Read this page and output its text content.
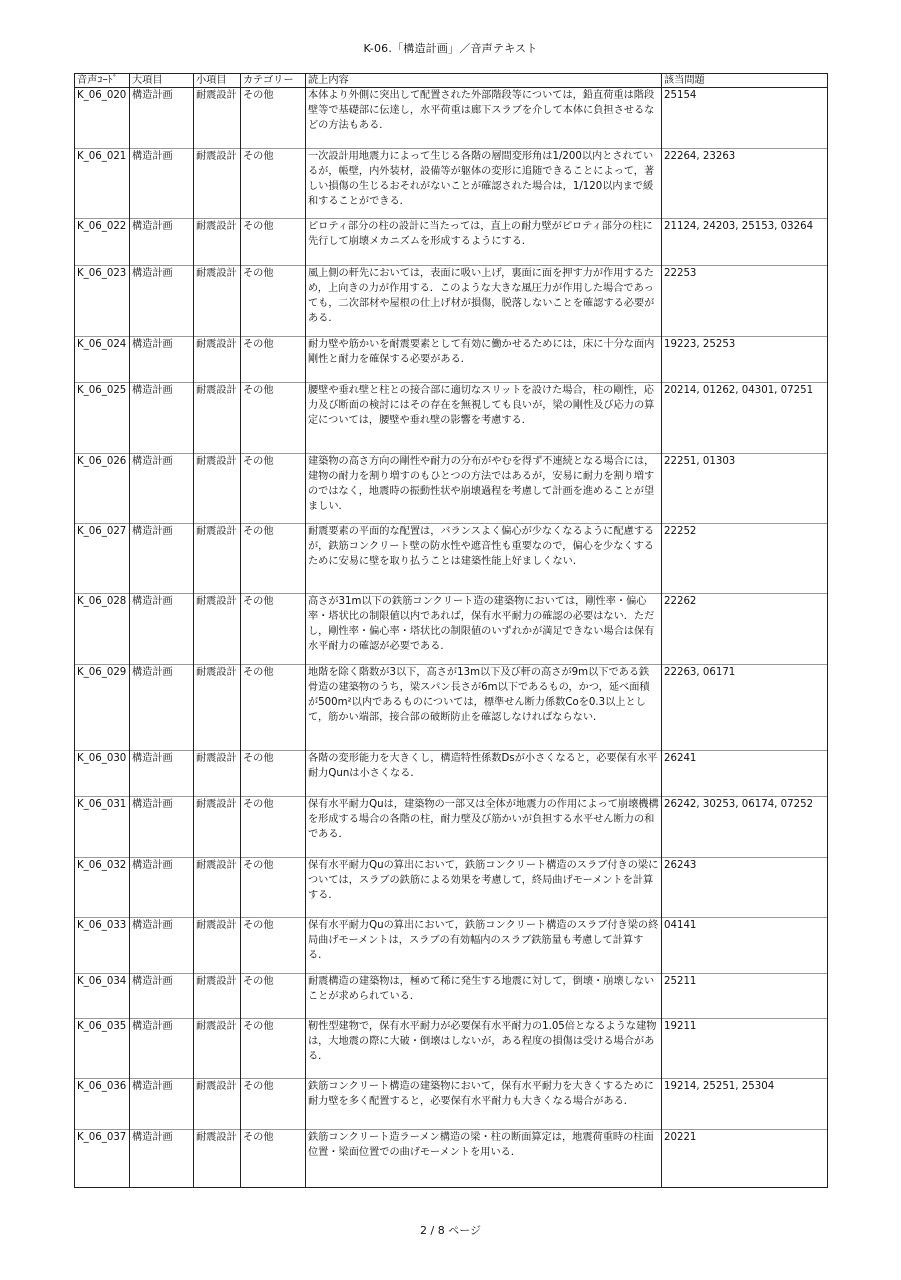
K-06.「構造計画」／音声テキスト
音声ｺｰﾄﾞ	大項目	小項目	カテゴリー	読上内容	該当問題
K_06_020	構造計画	耐震設計	その他	本体より外側に突出して配置された外部階段等については，鉛直荷重は階段壁等で基礎部に伝達し，水平荷重は廊下スラブを介して本体に負担させるなどの方法もある．	25154
K_06_021	構造計画	耐震設計	その他	一次設計用地震力によって生じる各階の層間変形角は1/200以内とされているが，帳壁，内外装材，設備等が躯体の変形に追随できることによって，著しい損傷の生じるおそれがないことが確認された場合は，1/120以内まで緩和することができる．	22264, 23263
K_06_022	構造計画	耐震設計	その他	ピロティ部分の柱の設計に当たっては，直上の耐力壁がピロティ部分の柱に先行して崩壊メカニズムを形成するようにする．	21124, 24203, 25153, 03264
K_06_023	構造計画	耐震設計	その他	風上側の軒先においては，表面に吸い上げ，裏面に面を押す力が作用するため，上向きの力が作用する．このような大きな風圧力が作用した場合であっても，二次部材や屋根の仕上げ材が損傷，脱落しないことを確認する必要がある．	22253
K_06_024	構造計画	耐震設計	その他	耐力壁や筋かいを耐震要素として有効に働かせるためには，床に十分な面内剛性と耐力を確保する必要がある．	19223, 25253
K_06_025	構造計画	耐震設計	その他	腰壁や垂れ壁と柱との接合部に適切なスリットを設けた場合，柱の剛性，応力及び断面の検討にはその存在を無視しても良いが，梁の剛性及び応力の算定については，腰壁や垂れ壁の影響を考慮する．	20214, 01262, 04301, 07251
K_06_026	構造計画	耐震設計	その他	建築物の高さ方向の剛性や耐力の分布がやむを得ず不連続となる場合には，建物の耐力を割り増すのもひとつの方法ではあるが，安易に耐力を割り増すのではなく，地震時の振動性状や崩壊過程を考慮して計画を進めることが望ましい．	22251, 01303
K_06_027	構造計画	耐震設計	その他	耐震要素の平面的な配置は，バランスよく偏心が少なくなるように配慮するが，鉄筋コンクリート壁の防水性や遮音性も重要なので，偏心を少なくするために安易に壁を取り払うことは建築性能上好ましくない．	22252
K_06_028	構造計画	耐震設計	その他	高さが31m以下の鉄筋コンクリート造の建築物においては，剛性率・偏心率・塔状比の制限値以内であれば，保有水平耐力の確認の必要はない．ただし，剛性率・偏心率・塔状比の制限値のいずれかが満足できない場合は保有水平耐力の確認が必要である．	22262
K_06_029	構造計画	耐震設計	その他	地階を除く階数が3以下，高さが13m以下及び軒の高さが9m以下である鉄骨造の建築物のうち，梁スパン長さが6m以下であるもの，かつ，延べ面積が500m²以内であるものについては，標準せん断力係数Coを0.3以上として，筋かい端部，接合部の破断防止を確認しなければならない．	22263, 06171
K_06_030	構造計画	耐震設計	その他	各階の変形能力を大きくし，構造特性係数Dsが小さくなると，必要保有水平耐力Qunは小さくなる．	26241
K_06_031	構造計画	耐震設計	その他	保有水平耐力Quは，建築物の一部又は全体が地震力の作用によって崩壊機構を形成する場合の各階の柱，耐力壁及び筋かいが負担する水平せん断力の和である．	26242, 30253, 06174, 07252
K_06_032	構造計画	耐震設計	その他	保有水平耐力Quの算出において，鉄筋コンクリート構造のスラブ付きの梁については，スラブの鉄筋による効果を考慮して，終局曲げモーメントを計算する．	26243
K_06_033	構造計画	耐震設計	その他	保有水平耐力Quの算出において，鉄筋コンクリート構造のスラブ付き梁の終局曲げモーメントは，スラブの有効幅内のスラブ鉄筋量も考慮して計算する．	04141
K_06_034	構造計画	耐震設計	その他	耐震構造の建築物は，極めて稀に発生する地震に対して，倒壊・崩壊しないことが求められている．	25211
K_06_035	構造計画	耐震設計	その他	靭性型建物で，保有水平耐力が必要保有水平耐力の1.05倍となるような建物は，大地震の際に大破・倒壊はしないが，ある程度の損傷は受ける場合がある．	19211
K_06_036	構造計画	耐震設計	その他	鉄筋コンクリート構造の建築物において，保有水平耐力を大きくするために耐力壁を多く配置すると，必要保有水平耐力も大きくなる場合がある．	19214, 25251, 25304
K_06_037	構造計画	耐震設計	その他	鉄筋コンクリート造ラーメン構造の梁・柱の断面算定は，地震荷重時の柱面位置・梁面位置での曲げモーメントを用いる．	20221
2 / 8 ページ
